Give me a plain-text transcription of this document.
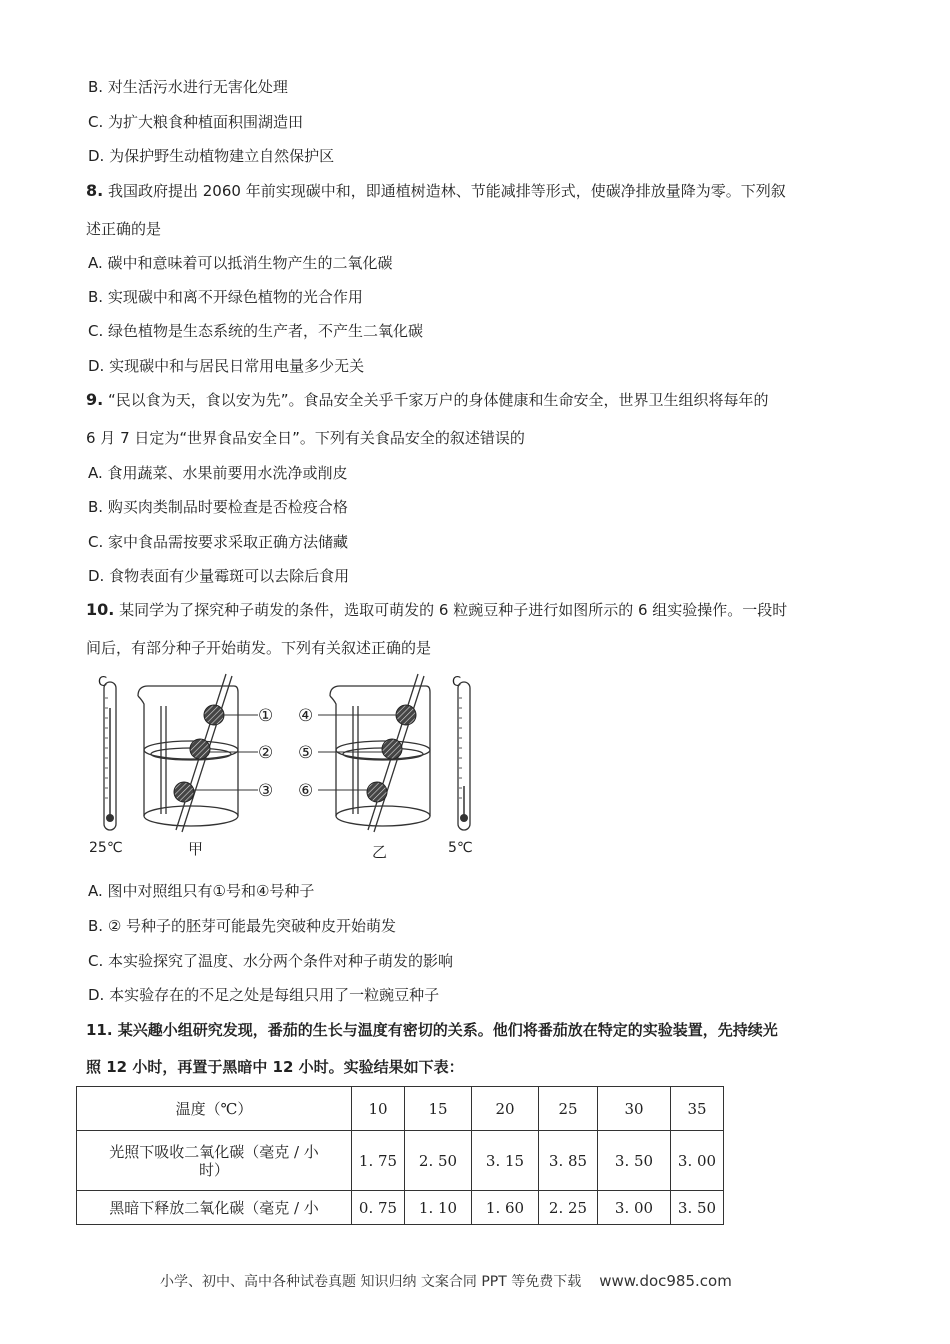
B. 对生活污水进行无害化处理
C. 为扩大粮食种植面积围湖造田
D. 为保护野生动植物建立自然保护区
8. 我国政府提出 2060 年前实现碳中和，即通植树造林、节能减排等形式，使碳净排放量降为零。下列叙
述正确的是
A. 碳中和意味着可以抵消生物产生的二氧化碳
B. 实现碳中和离不开绿色植物的光合作用
C. 绿色植物是生态系统的生产者，不产生二氧化碳
D. 实现碳中和与居民日常用电量多少无关
9. “民以食为天，食以安为先”。食品安全关乎千家万户的身体健康和生命安全，世界卫生组织将每年的
6 月 7 日定为“世界食品安全日”。下列有关食品安全的叙述错误的
A. 食用蔬菜、水果前要用水洗净或削皮
B. 购买肉类制品时要检查是否检疫合格
C. 家中食品需按要求采取正确方法储藏
D. 食物表面有少量霉斑可以去除后食用
10. 某同学为了探究种子萌发的条件，选取可萌发的 6 粒豌豆种子进行如图所示的 6 组实验操作。一段时
间后，有部分种子开始萌发。下列有关叙述正确的是
C
25℃
①
②
③
甲
④
⑤
⑥
乙
C
5℃
A. 图中对照组只有①号和④号种子
B. ② 号种子的胚芽可能最先突破种皮开始萌发
C. 本实验探究了温度、水分两个条件对种子萌发的影响
D. 本实验存在的不足之处是每组只用了一粒豌豆种子
11. 某兴趣小组研究发现，番茄的生长与温度有密切的关系。他们将番茄放在特定的实验装置，先持续光
照 12 小时，再置于黑暗中 12 小时。实验结果如下表：
温度（℃）	10	15	20	25	30	35
光照下吸收二氧化碳（毫克 / 小
时）	1. 75	2. 50	3. 15	3. 85	3. 50	3. 00
黑暗下释放二氧化碳（毫克 / 小	0. 75	1. 10	1. 60	2. 25	3. 00	3. 50
小学、初中、高中各种试卷真题 知识归纳 文案合同 PPT 等免费下载 www.doc985.com
